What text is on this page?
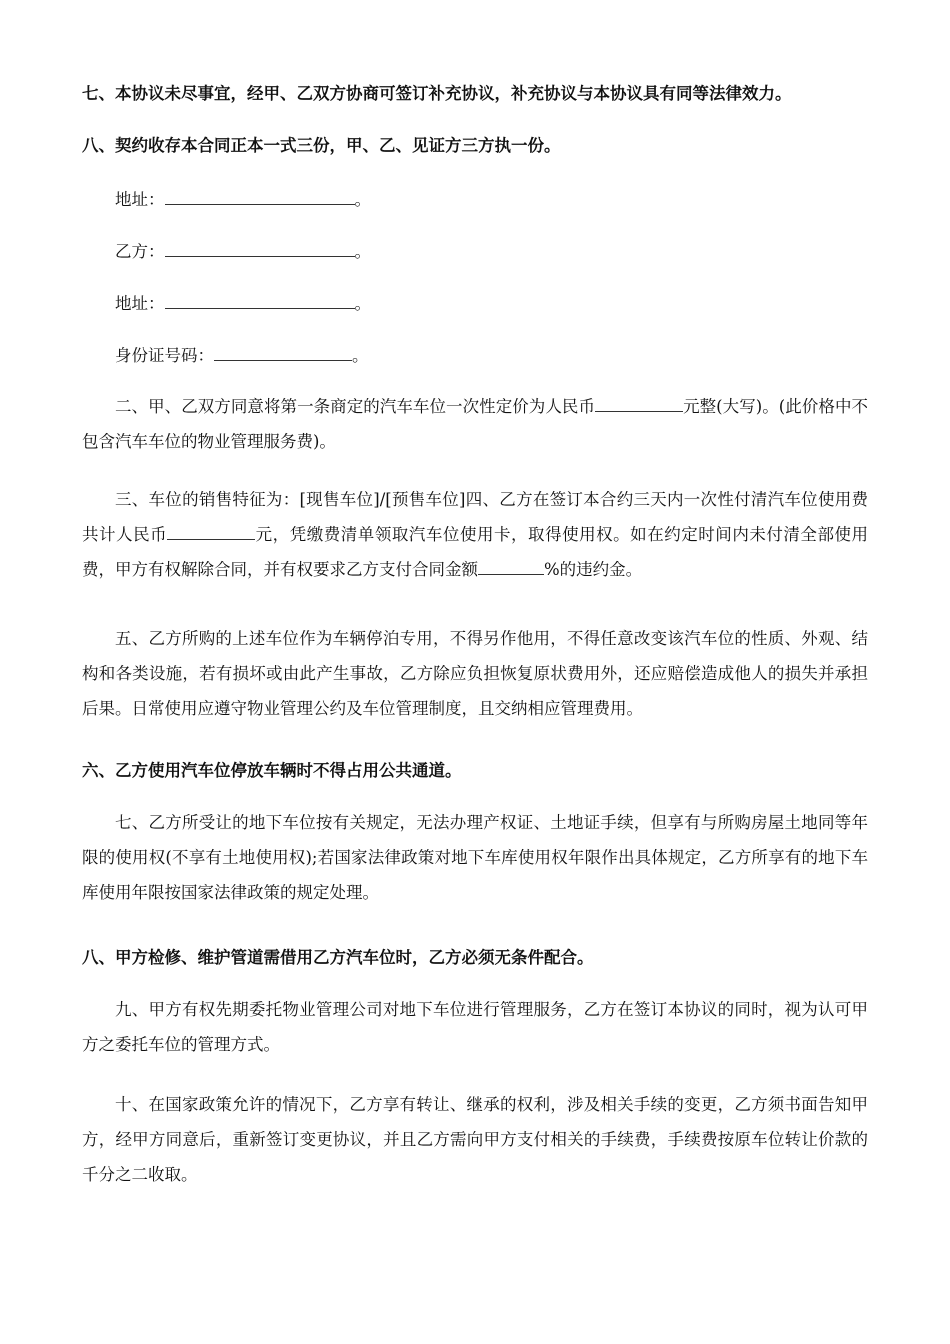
七、本协议未尽事宜，经甲、乙双方协商可签订补充协议，补充协议与本协议具有同等法律效力。
八、契约收存本合同正本一式三份，甲、乙、见证方三方执一份。
地址：	。
乙方：	。
地址：	。
身份证号码：	。
二、甲、乙双方同意将第一条商定的汽车车位一次性定价为人民币	元整(大写)。(此价格中不包含汽车车位的物业管理服务费)。
三、车位的销售特征为：[现售车位]/[预售车位]四、乙方在签订本合约三天内一次性付清汽车位使用费共计人民币	元，凭缴费清单领取汽车位使用卡，取得使用权。如在约定时间内未付清全部使用费，甲方有权解除合同，并有权要求乙方支付合同金额	%的违约金。
五、乙方所购的上述车位作为车辆停泊专用，不得另作他用，不得任意改变该汽车位的性质、外观、结构和各类设施，若有损坏或由此产生事故，乙方除应负担恢复原状费用外，还应赔偿造成他人的损失并承担后果。日常使用应遵守物业管理公约及车位管理制度，且交纳相应管理费用。
六、乙方使用汽车位停放车辆时不得占用公共通道。
七、乙方所受让的地下车位按有关规定，无法办理产权证、土地证手续，但享有与所购房屋土地同等年限的使用权(不享有土地使用权);若国家法律政策对地下车库使用权年限作出具体规定，乙方所享有的地下车库使用年限按国家法律政策的规定处理。
八、甲方检修、维护管道需借用乙方汽车位时，乙方必须无条件配合。
九、甲方有权先期委托物业管理公司对地下车位进行管理服务，乙方在签订本协议的同时，视为认可甲方之委托车位的管理方式。
十、在国家政策允许的情况下，乙方享有转让、继承的权利，涉及相关手续的变更，乙方须书面告知甲方，经甲方同意后，重新签订变更协议，并且乙方需向甲方支付相关的手续费，手续费按原车位转让价款的千分之二收取。
